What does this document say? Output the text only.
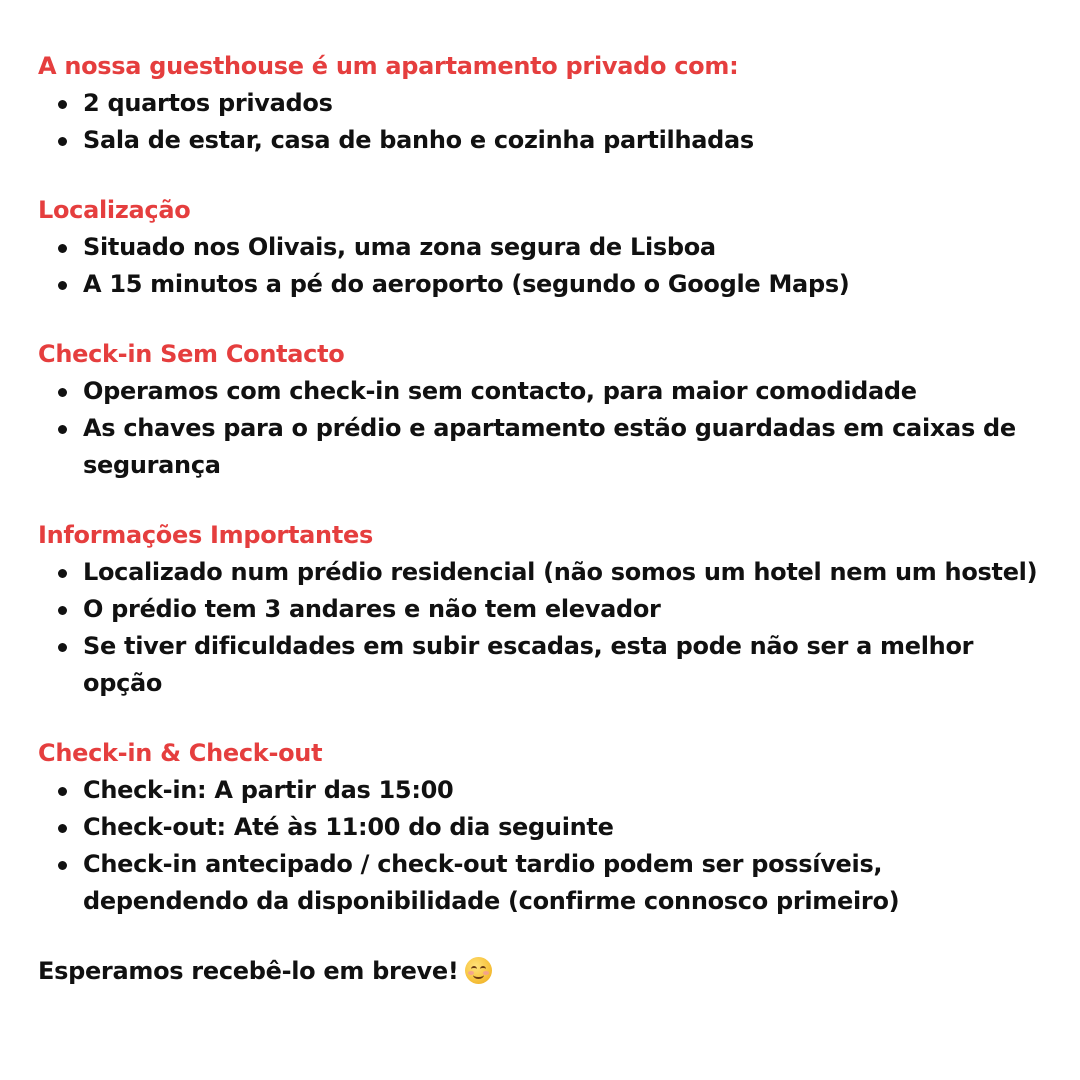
A nossa guesthouse é um apartamento privado com:
2 quartos privados
Sala de estar, casa de banho e cozinha partilhadas
Localização
Situado nos Olivais, uma zona segura de Lisboa
A 15 minutos a pé do aeroporto (segundo o Google Maps)
Check-in Sem Contacto
Operamos com check-in sem contacto, para maior comodidade
As chaves para o prédio e apartamento estão guardadas em caixas de segurança
Informações Importantes
Localizado num prédio residencial (não somos um hotel nem um hostel)
O prédio tem 3 andares e não tem elevador
Se tiver dificuldades em subir escadas, esta pode não ser a melhor opção
Check-in & Check-out
Check-in: A partir das 15:00
Check-out: Até às 11:00 do dia seguinte
Check-in antecipado / check-out tardio podem ser possíveis, dependendo da disponibilidade (confirme connosco primeiro)

Esperamos recebê-lo em breve!
